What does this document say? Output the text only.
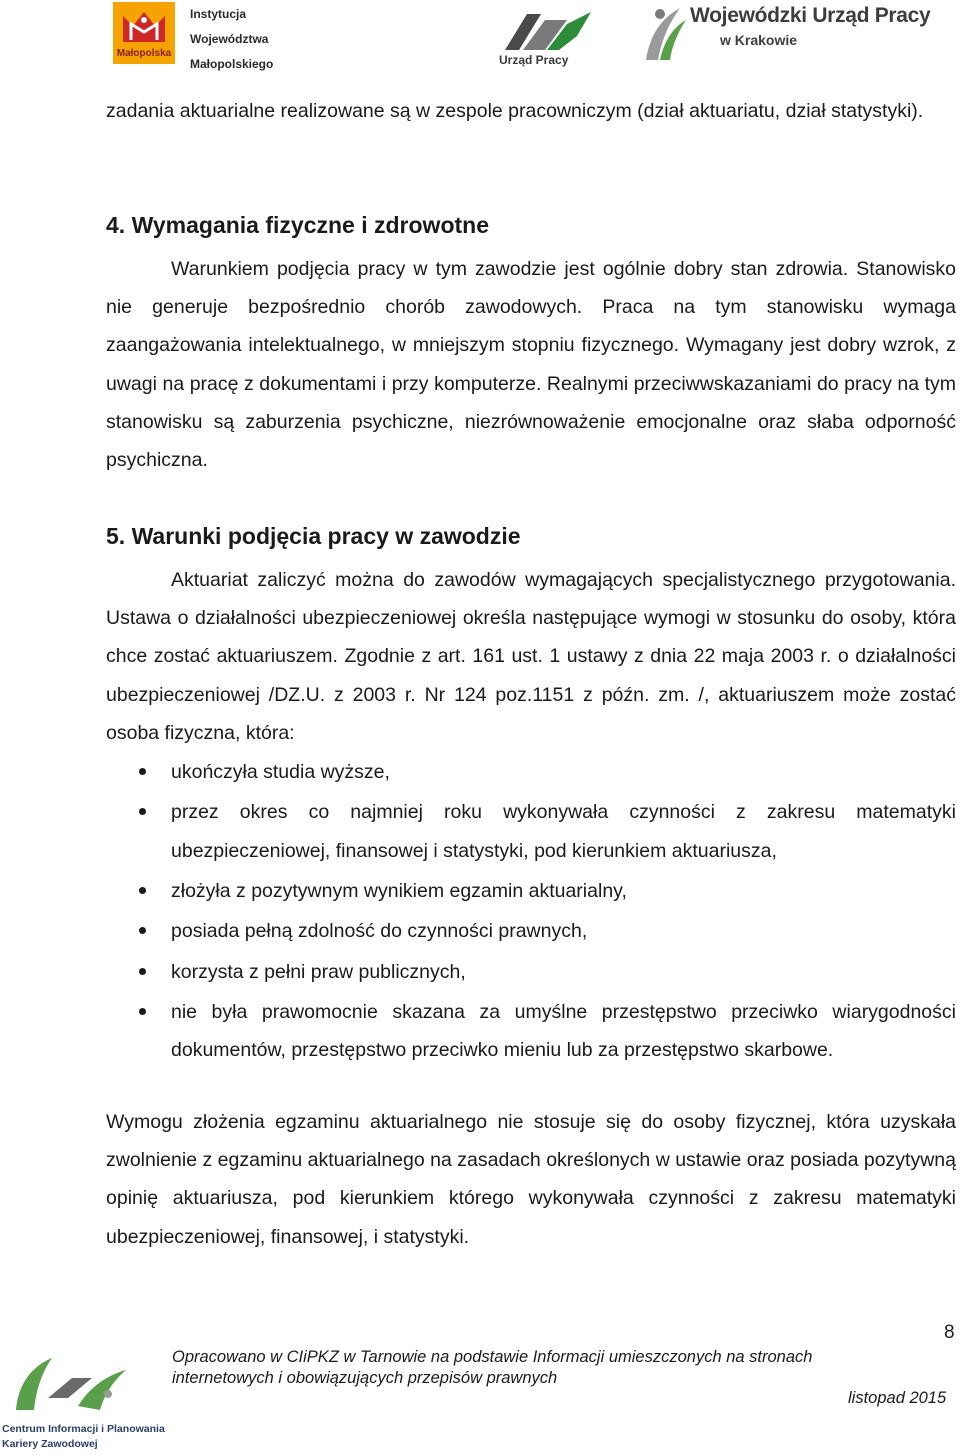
Małopolska
Instytucja
Województwa
Małopolskiego	Urząd Pracy
Wojewódzki Urząd Pracy
w Krakowie

zadania aktuarialne realizowane są w zespole pracowniczym (dział aktuariatu, dział statystyki).

4. Wymagania fizyczne i zdrowotne

Warunkiem podjęcia pracy w tym zawodzie jest ogólnie dobry stan zdrowia. Stanowisko nie generuje bezpośrednio chorób zawodowych. Praca na tym stanowisku wymaga zaangażowania intelektualnego, w mniejszym stopniu fizycznego. Wymagany jest dobry wzrok, z uwagi na pracę z dokumentami i przy komputerze. Realnymi przeciwwskazaniami do pracy na tym stanowisku są zaburzenia psychiczne, niezrównoważenie emocjonalne oraz słaba odporność psychiczna.

5. Warunki podjęcia pracy w zawodzie

Aktuariat zaliczyć można do zawodów wymagających specjalistycznego przygotowania. Ustawa o działalności ubezpieczeniowej określa następujące wymogi w stosunku do osoby, która chce zostać aktuariuszem. Zgodnie z art. 161 ust. 1 ustawy z dnia 22 maja 2003 r. o działalności ubezpieczeniowej /DZ.U. z 2003 r. Nr 124 poz.1151 z późn. zm. /, aktuariuszem może zostać osoba fizyczna, która:

ukończyła studia wyższe,
przez okres co najmniej roku wykonywała czynności z zakresu matematyki ubezpieczeniowej, finansowej i statystyki, pod kierunkiem aktuariusza,
złożyła z pozytywnym wynikiem egzamin aktuarialny,
posiada pełną zdolność do czynności prawnych,
korzysta z pełni praw publicznych,
nie była prawomocnie skazana za umyślne przestępstwo przeciwko wiarygodności dokumentów, przestępstwo przeciwko mieniu lub za przestępstwo skarbowe.

Wymogu złożenia egzaminu aktuarialnego nie stosuje się do osoby fizycznej, która uzyskała zwolnienie z egzaminu aktuarialnego na zasadach określonych w ustawie oraz posiada pozytywną opinię aktuariusza, pod kierunkiem którego wykonywała czynności z zakresu matematyki ubezpieczeniowej, finansowej, i statystyki.

Centrum Informacji i Planowania
Kariery Zawodowej
Opracowano w CIiPKZ w Tarnowie na podstawie Informacji umieszczonych na stronach
internetowych i obowiązujących przepisów prawnych
8
listopad 2015
